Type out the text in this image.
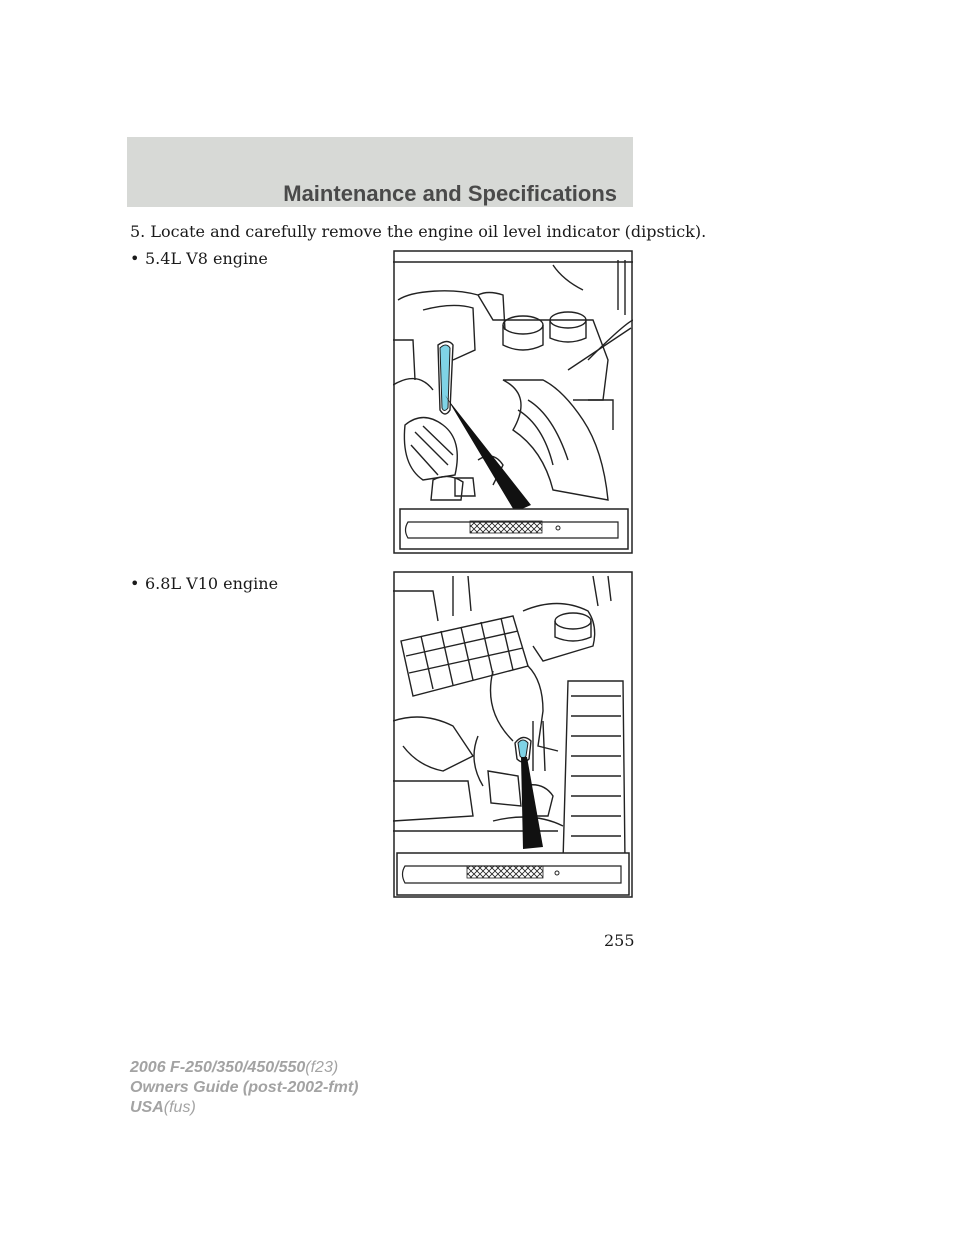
Maintenance and Specifications
5. Locate and carefully remove the engine oil level indicator (dipstick).
• 5.4L V8 engine
• 6.8L V10 engine
255
2006 F-250/350/450/550(f23)
Owners Guide (post-2002-fmt)
USA(fus)
